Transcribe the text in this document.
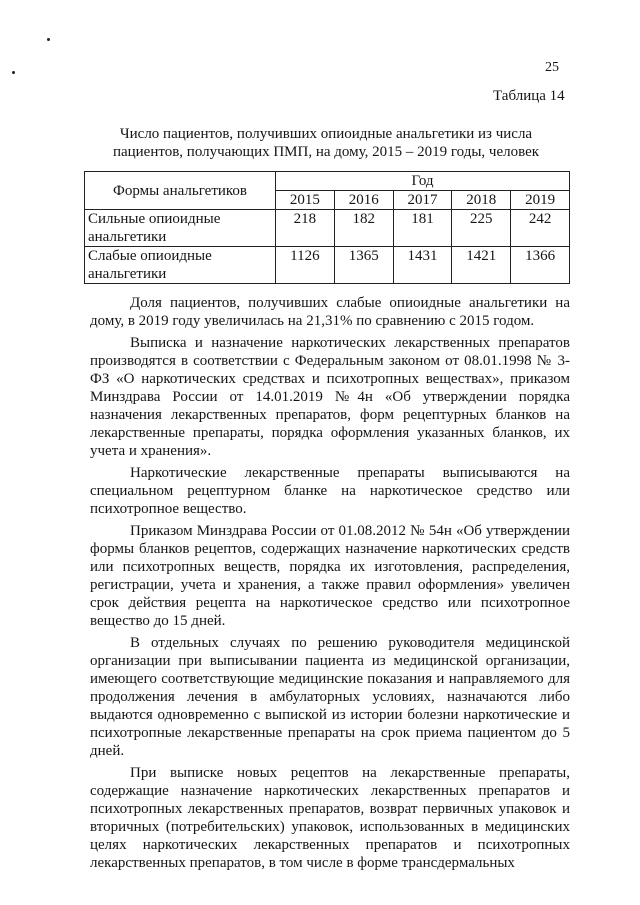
25
Таблица 14
Число пациентов, получивших опиоидные анальгетики из числа
пациентов, получающих ПМП, на дому, 2015 – 2019 годы, человек
Формы анальгетиков	Год				
	2015	2016	2017	2018	2019
Сильные опиоидные анальгетики	218	182	181	225	242
Слабые опиоидные анальгетики	1126	1365	1431	1421	1366

Доля пациентов, получивших слабые опиоидные анальгетики на дому, в 2019 году увеличилась на 21,31% по сравнению с 2015 годом.

Выписка и назначение наркотических лекарственных препаратов производятся в соответствии с Федеральным законом от 08.01.1998 № 3-ФЗ «О наркотических средствах и психотропных веществах», приказом Минздрава России от 14.01.2019 №4н «Об утверждении порядка назначения лекарственных препаратов, форм рецептурных бланков на лекарственные препараты, порядка оформления указанных бланков, их учета и хранения».

Наркотические лекарственные препараты выписываются на специальном рецептурном бланке на наркотическое средство или психотропное вещество.

Приказом Минздрава России от 01.08.2012 № 54н «Об утверждении формы бланков рецептов, содержащих назначение наркотических средств или психотропных веществ, порядка их изготовления, распределения, регистрации, учета и хранения, а также правил оформления» увеличен срок действия рецепта на наркотическое средство или психотропное вещество до 15 дней.

В отдельных случаях по решению руководителя медицинской организации при выписывании пациента из медицинской организации, имеющего соответствующие медицинские показания и направляемого для продолжения лечения в амбулаторных условиях, назначаются либо выдаются одновременно с выпиской из истории болезни наркотические и психотропные лекарственные препараты на срок приема пациентом до 5 дней.

При выписке новых рецептов на лекарственные препараты, содержащие назначение наркотических лекарственных препаратов и психотропных лекарственных препаратов, возврат первичных упаковок и вторичных (потребительских) упаковок, использованных в медицинских целях наркотических лекарственных препаратов и психотропных лекарственных препаратов, в том числе в форме трансдермальных
